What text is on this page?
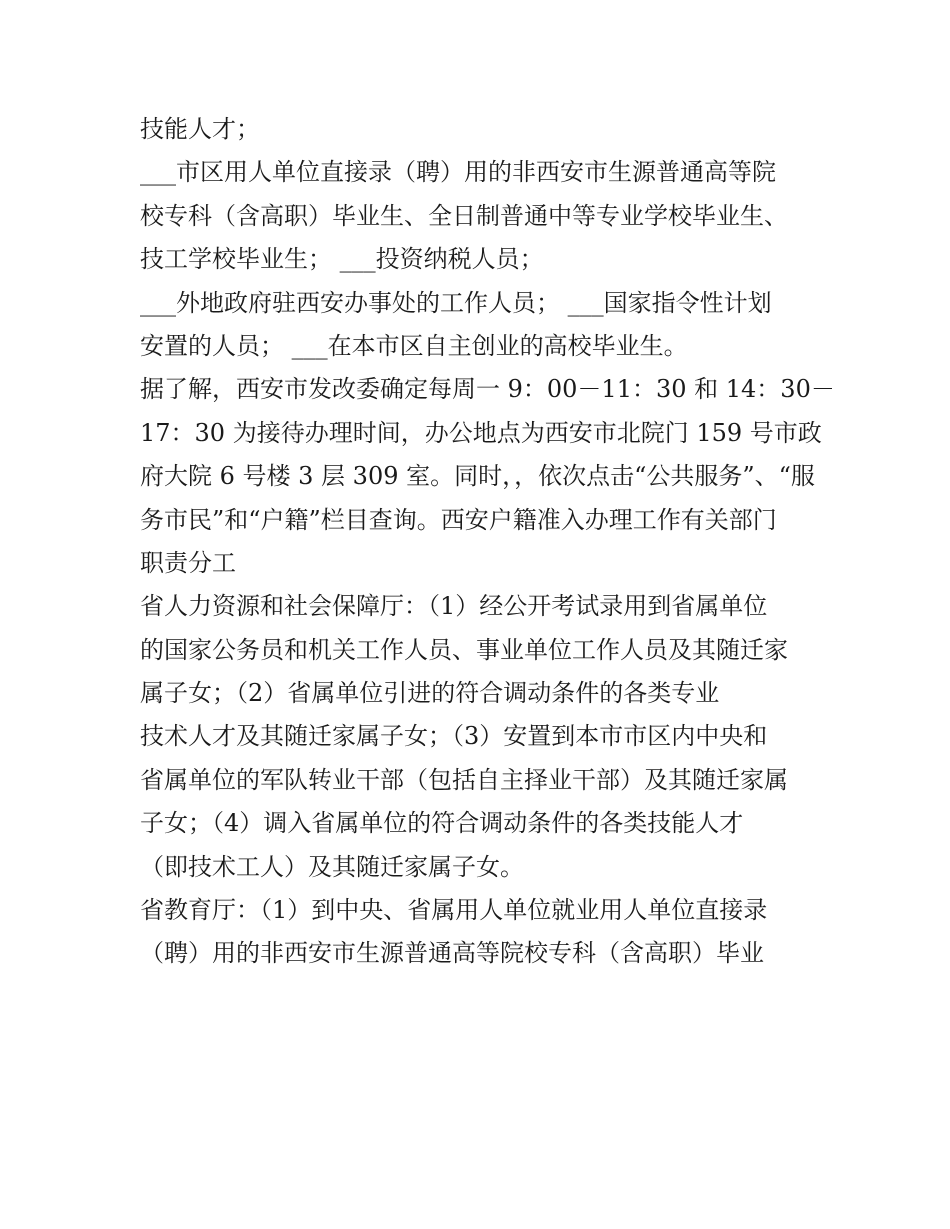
技能人才；
___市区用人单位直接录（聘）用的非西安市生源普通高等院
校专科（含高职）毕业生、全日制普通中等专业学校毕业生、
技工学校毕业生； ___投资纳税人员；
___外地政府驻西安办事处的工作人员； ___国家指令性计划
安置的人员； ___在本市区自主创业的高校毕业生。
据了解，西安市发改委确定每周一 9：00－11：30 和 14：30－
17：30 为接待办理时间，办公地点为西安市北院门 159 号市政
府大院 6 号楼 3 层 309 室。同时，，依次点击“公共服务”、“服
务市民”和“户籍”栏目查询。西安户籍准入办理工作有关部门
职责分工
省人力资源和社会保障厅：（1）经公开考试录用到省属单位
的国家公务员和机关工作人员、事业单位工作人员及其随迁家
属子女；（2）省属单位引进的符合调动条件的各类专业
技术人才及其随迁家属子女；（3）安置到本市市区内中央和
省属单位的军队转业干部（包括自主择业干部）及其随迁家属
子女；（4）调入省属单位的符合调动条件的各类技能人才
（即技术工人）及其随迁家属子女。
省教育厅：（1）到中央、省属用人单位就业用人单位直接录
（聘）用的非西安市生源普通高等院校专科（含高职）毕业
